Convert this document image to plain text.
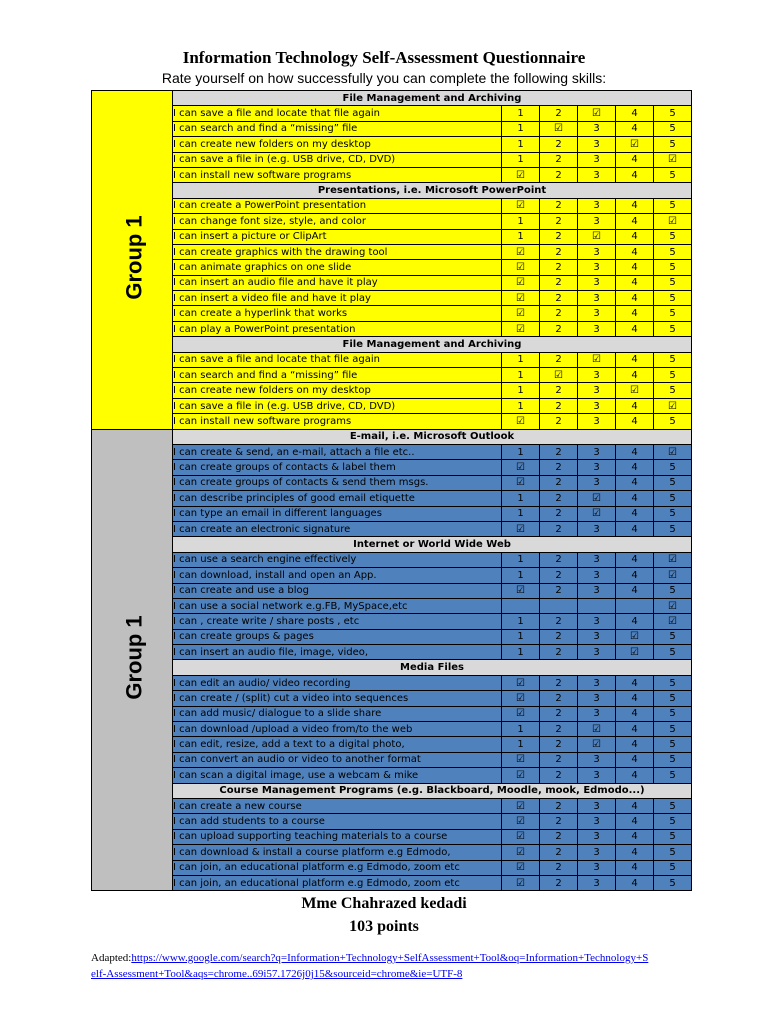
Information Technology Self-Assessment Questionnaire
Rate yourself on how successfully you can complete the following skills:
Group 1	File Management and Archiving					
	I can save a file and locate that file again	1	2	☑	4	5
	I can search and find a “missing” file	1	☑	3	4	5
	I can create new folders on my desktop	1	2	3	☑	5
	I can save a file in (e.g. USB drive, CD, DVD)	1	2	3	4	☑
	I can install new software programs	☑	2	3	4	5
	Presentations, i.e. Microsoft PowerPoint					
	I can create a PowerPoint presentation	☑	2	3	4	5
	I can change font size, style, and color	1	2	3	4	☑
	I can insert a picture or ClipArt	1	2	☑	4	5
	I can create graphics with the drawing tool	☑	2	3	4	5
	I can animate graphics on one slide	☑	2	3	4	5
	I can insert an audio file and have it play	☑	2	3	4	5
	I can insert a video file and have it play	☑	2	3	4	5
	I can create a hyperlink that works	☑	2	3	4	5
	I can play a PowerPoint presentation	☑	2	3	4	5
	File Management and Archiving					
	I can save a file and locate that file again	1	2	☑	4	5
	I can search and find a “missing” file	1	☑	3	4	5
	I can create new folders on my desktop	1	2	3	☑	5
	I can save a file in (e.g. USB drive, CD, DVD)	1	2	3	4	☑
	I can install new software programs	☑	2	3	4	5
Group 1	E-mail, i.e. Microsoft Outlook					
	I can create & send, an e-mail, attach a file etc..	1	2	3	4	☑
	I can create groups of contacts & label them	☑	2	3	4	5
	I can create groups of contacts & send them msgs.	☑	2	3	4	5
	I can describe principles of good email etiquette	1	2	☑	4	5
	I can type an email in different languages	1	2	☑	4	5
	I can create an electronic signature	☑	2	3	4	5
	Internet or World Wide Web					
	I can use a search engine effectively	1	2	3	4	☑
	I can download, install and open an App.	1	2	3	4	☑
	I can create and use a blog	☑	2	3	4	5
	I can use a social network e.g.FB, MySpace,etc					☑
	I can , create write / share posts , etc	1	2	3	4	☑
	I can create groups & pages	1	2	3	☑	5
	I can insert an audio file, image, video,	1	2	3	☑	5
	Media Files					
	I can edit an audio/ video recording	☑	2	3	4	5
	I can create / (split) cut a video into sequences	☑	2	3	4	5
	I can add music/ dialogue to a slide share	☑	2	3	4	5
	I can download /upload a video from/to the web	1	2	☑	4	5
	I can edit, resize, add a text to a digital photo,	1	2	☑	4	5
	I can convert an audio or video to another format	☑	2	3	4	5
	I can scan a digital image, use a webcam & mike	☑	2	3	4	5
	Course Management Programs (e.g. Blackboard, Moodle, mook, Edmodo...)					
	I can create a new course	☑	2	3	4	5
	I can add students to a course	☑	2	3	4	5
	I can upload supporting teaching materials to a course	☑	2	3	4	5
	I can download & install a course platform e.g Edmodo,	☑	2	3	4	5
	I can join, an educational platform e.g Edmodo, zoom etc	☑	2	3	4	5
	I can join, an educational platform e.g Edmodo, zoom etc	☑	2	3	4	5
Mme Chahrazed kedadi
103 points
Adapted:https://www.google.com/search?q=Information+Technology+SelfAssessment+Tool&oq=Information+Technology+Self-Assessment+Tool&aqs=chrome..69i57.1726j0j15&sourceid=chrome&ie=UTF-8
